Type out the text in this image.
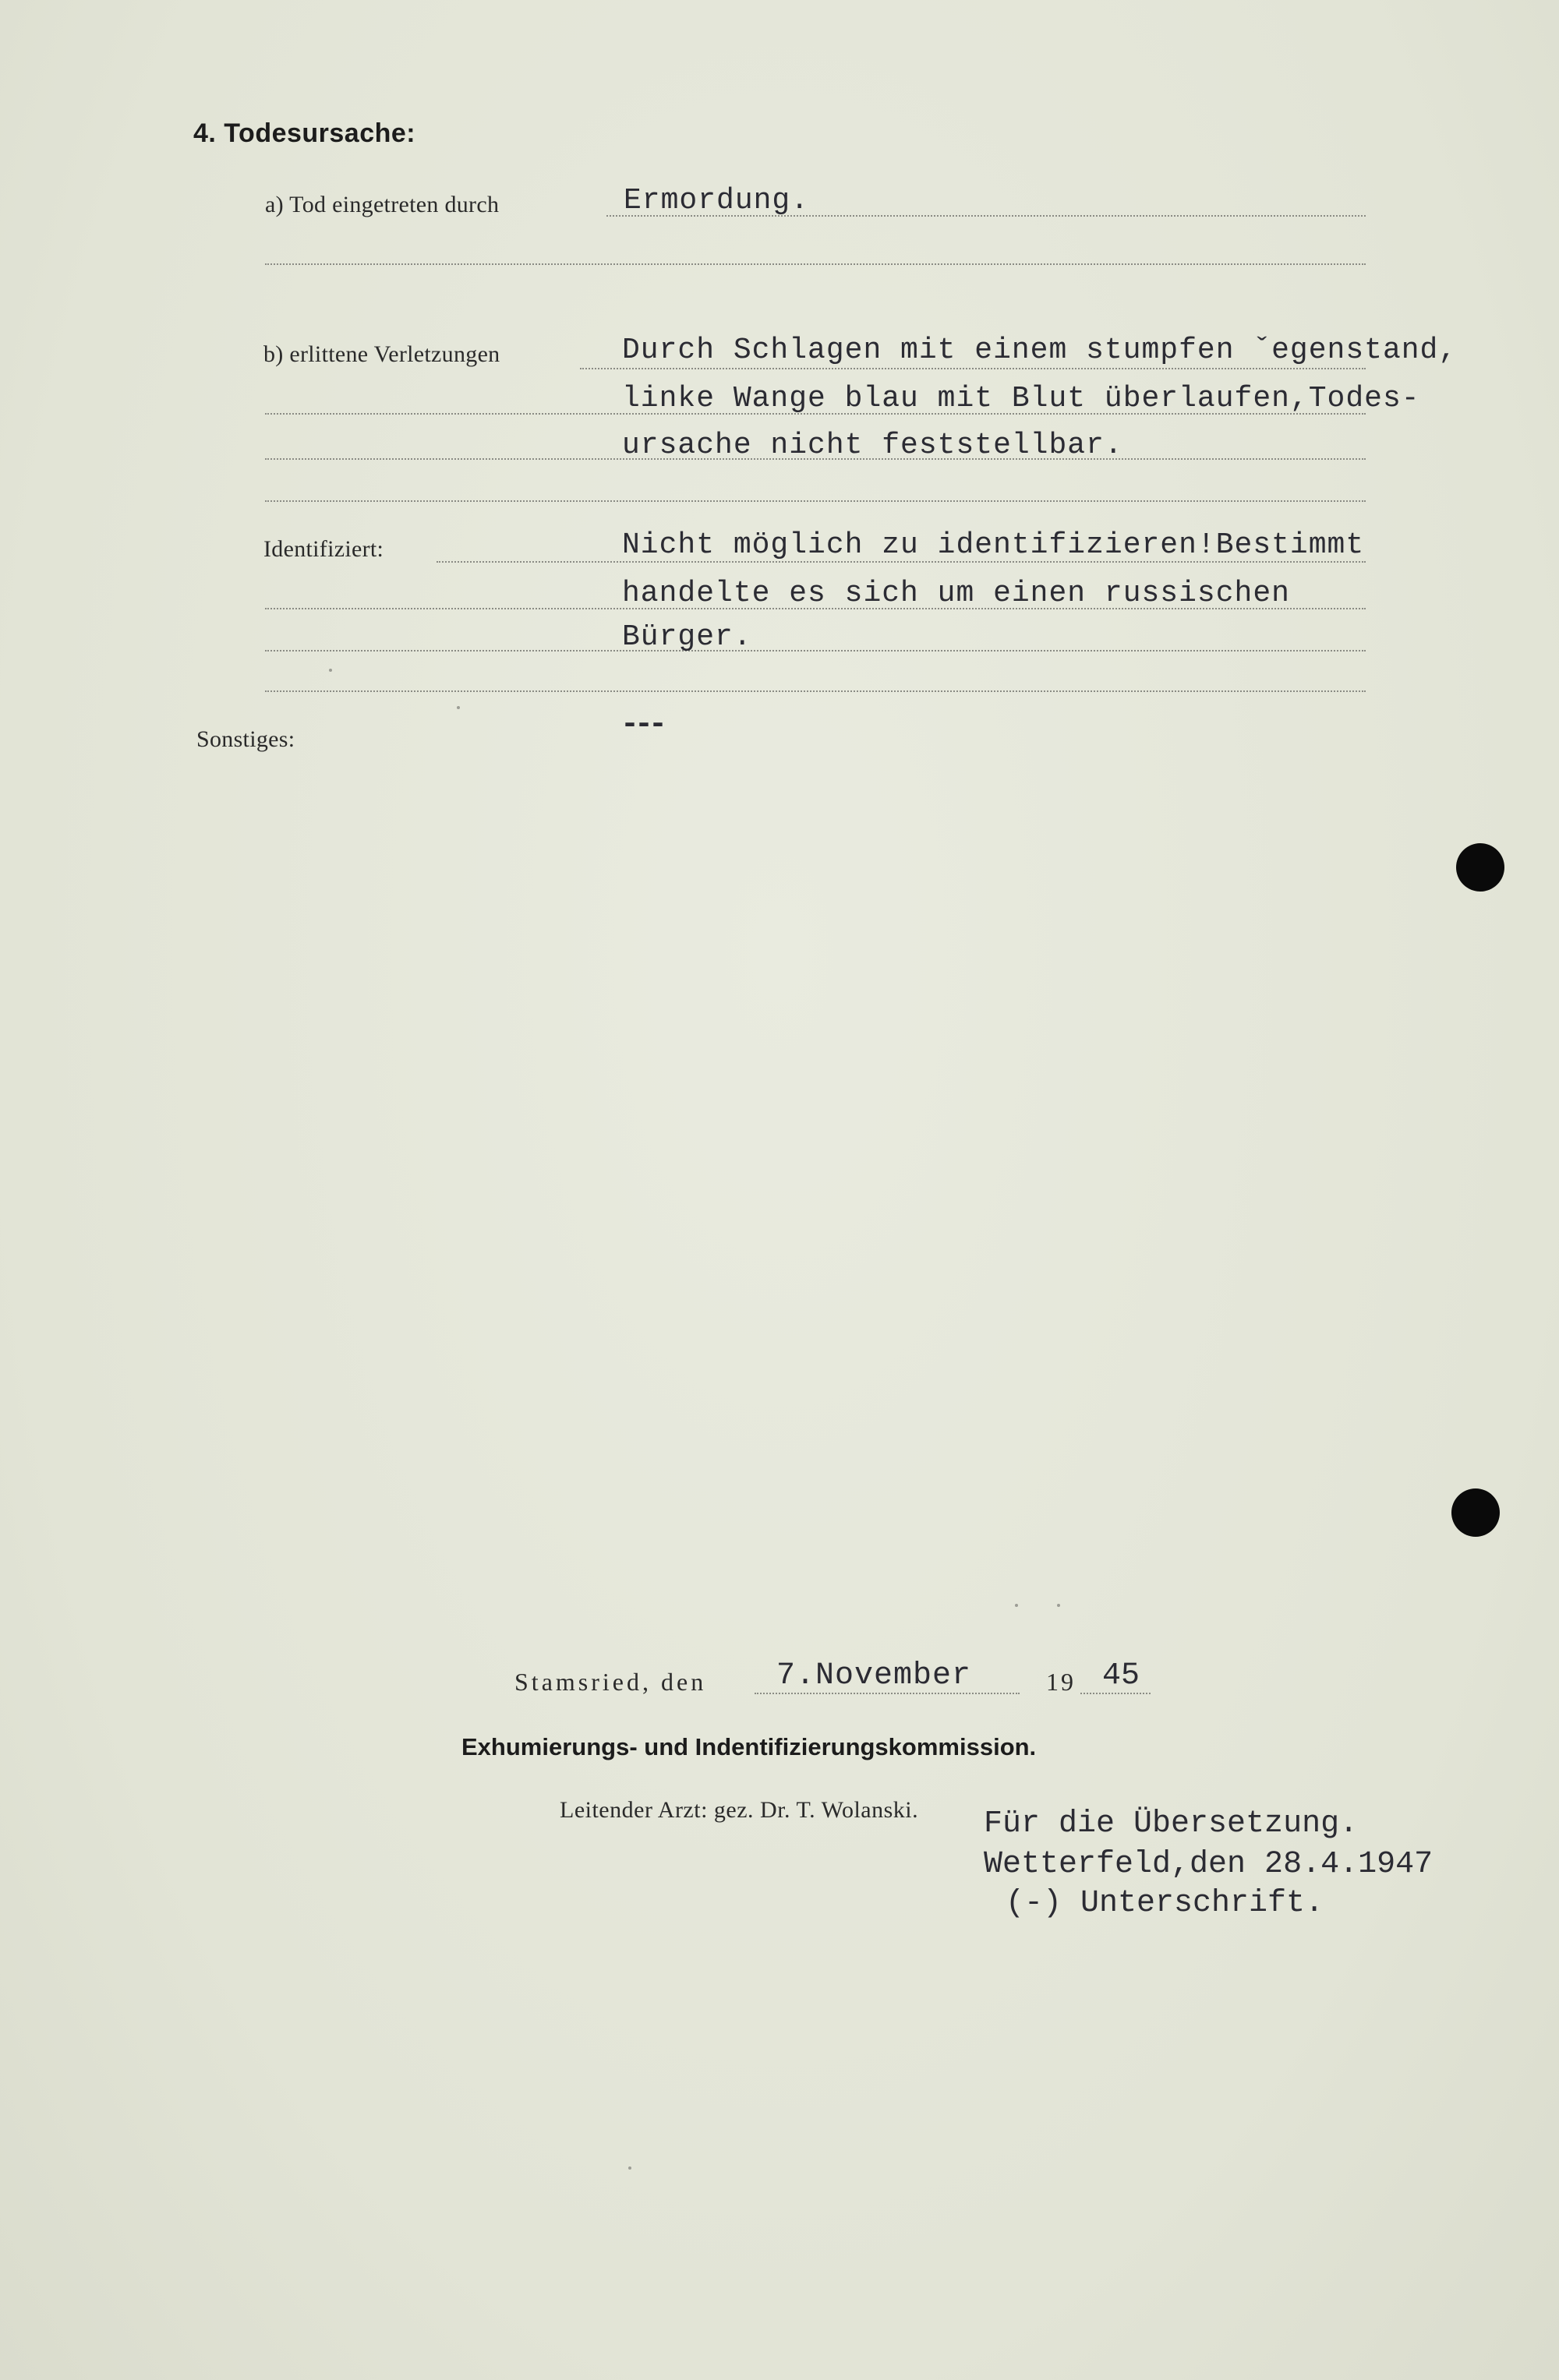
4. Todesursache:
a) Tod eingetreten durch	Ermordung.
b) erlittene Verletzungen	Durch Schlagen mit einem stumpfen ˇegenstand,
linke Wange blau mit Blut überlaufen,Todes-
ursache nicht feststellbar.
Identifiziert:	Nicht möglich zu identifizieren!Bestimmt
handelte es sich um einen russischen
Bürger.
Sonstiges:	---
Stamsried, den 7.November	19 45
Exhumierungs- und Indentifizierungskommission.
Leitender Arzt: gez. Dr. T. Wolanski. Für die Übersetzung.
Wetterfeld,den 28.4.1947
(-) Unterschrift.
